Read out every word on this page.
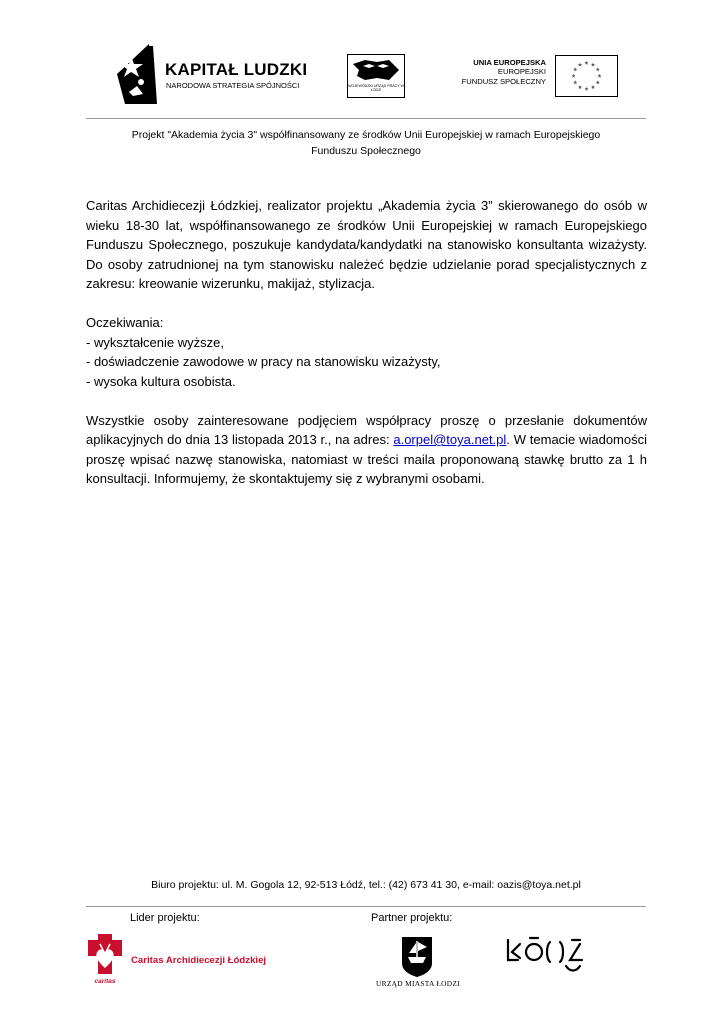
KAPITAŁ LUDZKI
NARODOWA STRATEGIA SPÓJNOŚCI	WOJEWÓDZKI URZĄD PRACY W ŁODZI
UNIA EUROPEJSKA
EUROPEJSKI
FUNDUSZ SPOŁECZNY
Projekt "Akademia życia 3" współfinansowany ze środków Unii Europejskiej w ramach Europejskiego
Funduszu Społecznego

Caritas Archidiecezji Łódzkiej, realizator projektu „Akademia życia 3” skierowanego do osób w wieku 18-30 lat, współfinansowanego ze środków Unii Europejskiej w ramach Europejskiego Funduszu Społecznego, poszukuje kandydata/kandydatki na stanowisko konsultanta wizażysty. Do osoby zatrudnionej na tym stanowisku należeć będzie udzielanie porad specjalistycznych z zakresu: kreowanie wizerunku, makijaż, stylizacja.

Oczekiwania:
- wykształcenie wyższe,
- doświadczenie zawodowe w pracy na stanowisku wizażysty,
- wysoka kultura osobista.

Wszystkie osoby zainteresowane podjęciem współpracy proszę o przesłanie dokumentów aplikacyjnych do dnia 13 listopada 2013 r., na adres: a.orpel@toya.net.pl. W temacie wiadomości proszę wpisać nazwę stanowiska, natomiast w treści maila proponowaną stawkę brutto za 1 h konsultacji. Informujemy, że skontaktujemy się z wybranymi osobami.

Biuro projektu: ul. M. Gogola 12, 92-513 Łódź, tel.: (42) 673 41 30, e-mail: oazis@toya.net.pl
Lider projektu:	Partner projektu:
caritas
Caritas Archidiecezji Łódzkiej
URZĄD MIASTA ŁODZI
